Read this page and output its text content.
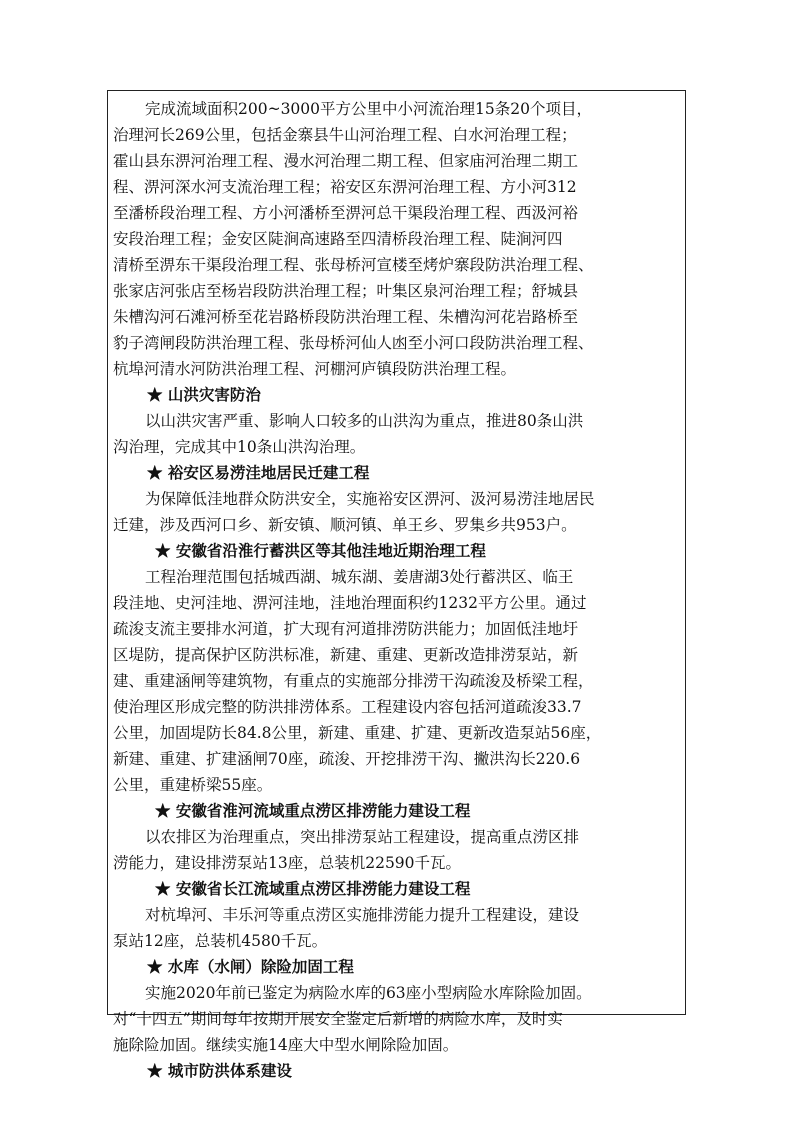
完成流域面积200~3000平方公里中小河流治理15条20个项目，
治理河长269公里，包括金寨县牛山河治理工程、白水河治理工程；
霍山县东淠河治理工程、漫水河治理二期工程、但家庙河治理二期工
程、淠河深水河支流治理工程；裕安区东淠河治理工程、方小河312
至潘桥段治理工程、方小河潘桥至淠河总干渠段治理工程、西汲河裕
安段治理工程；金安区陡涧高速路至四清桥段治理工程、陡涧河四
清桥至淠东干渠段治理工程、张母桥河宣楼至烤炉寨段防洪治理工程、
张家店河张店至杨岩段防洪治理工程；叶集区泉河治理工程；舒城县
朱槽沟河石滩河桥至花岩路桥段防洪治理工程、朱槽沟河花岩路桥至
豹子湾闸段防洪治理工程、张母桥河仙人凼至小河口段防洪治理工程、
杭埠河清水河防洪治理工程、河棚河庐镇段防洪治理工程。
★ 山洪灾害防治
以山洪灾害严重、影响人口较多的山洪沟为重点，推进80条山洪
沟治理，完成其中10条山洪沟治理。
★ 裕安区易涝洼地居民迁建工程
为保障低洼地群众防洪安全，实施裕安区淠河、汲河易涝洼地居民
迁建，涉及西河口乡、新安镇、顺河镇、单王乡、罗集乡共953户。
★ 安徽省沿淮行蓄洪区等其他洼地近期治理工程
工程治理范围包括城西湖、城东湖、姜唐湖3处行蓄洪区、临王
段洼地、史河洼地、淠河洼地，洼地治理面积约1232平方公里。通过
疏浚支流主要排水河道，扩大现有河道排涝防洪能力；加固低洼地圩
区堤防，提高保护区防洪标准，新建、重建、更新改造排涝泵站，新
建、重建涵闸等建筑物，有重点的实施部分排涝干沟疏浚及桥梁工程，
使治理区形成完整的防洪排涝体系。工程建设内容包括河道疏浚33.7
公里，加固堤防长84.8公里，新建、重建、扩建、更新改造泵站56座，
新建、重建、扩建涵闸70座，疏浚、开挖排涝干沟、撇洪沟长220.6
公里，重建桥梁55座。
★ 安徽省淮河流域重点涝区排涝能力建设工程
以农排区为治理重点，突出排涝泵站工程建设，提高重点涝区排
涝能力，建设排涝泵站13座，总装机22590千瓦。
★ 安徽省长江流域重点涝区排涝能力建设工程
对杭埠河、丰乐河等重点涝区实施排涝能力提升工程建设，建设
泵站12座，总装机4580千瓦。
★ 水库（水闸）除险加固工程
实施2020年前已鉴定为病险水库的63座小型病险水库除险加固。
对“十四五”期间每年按期开展安全鉴定后新增的病险水库，及时实
施除险加固。继续实施14座大中型水闸除险加固。
★ 城市防洪体系建设
